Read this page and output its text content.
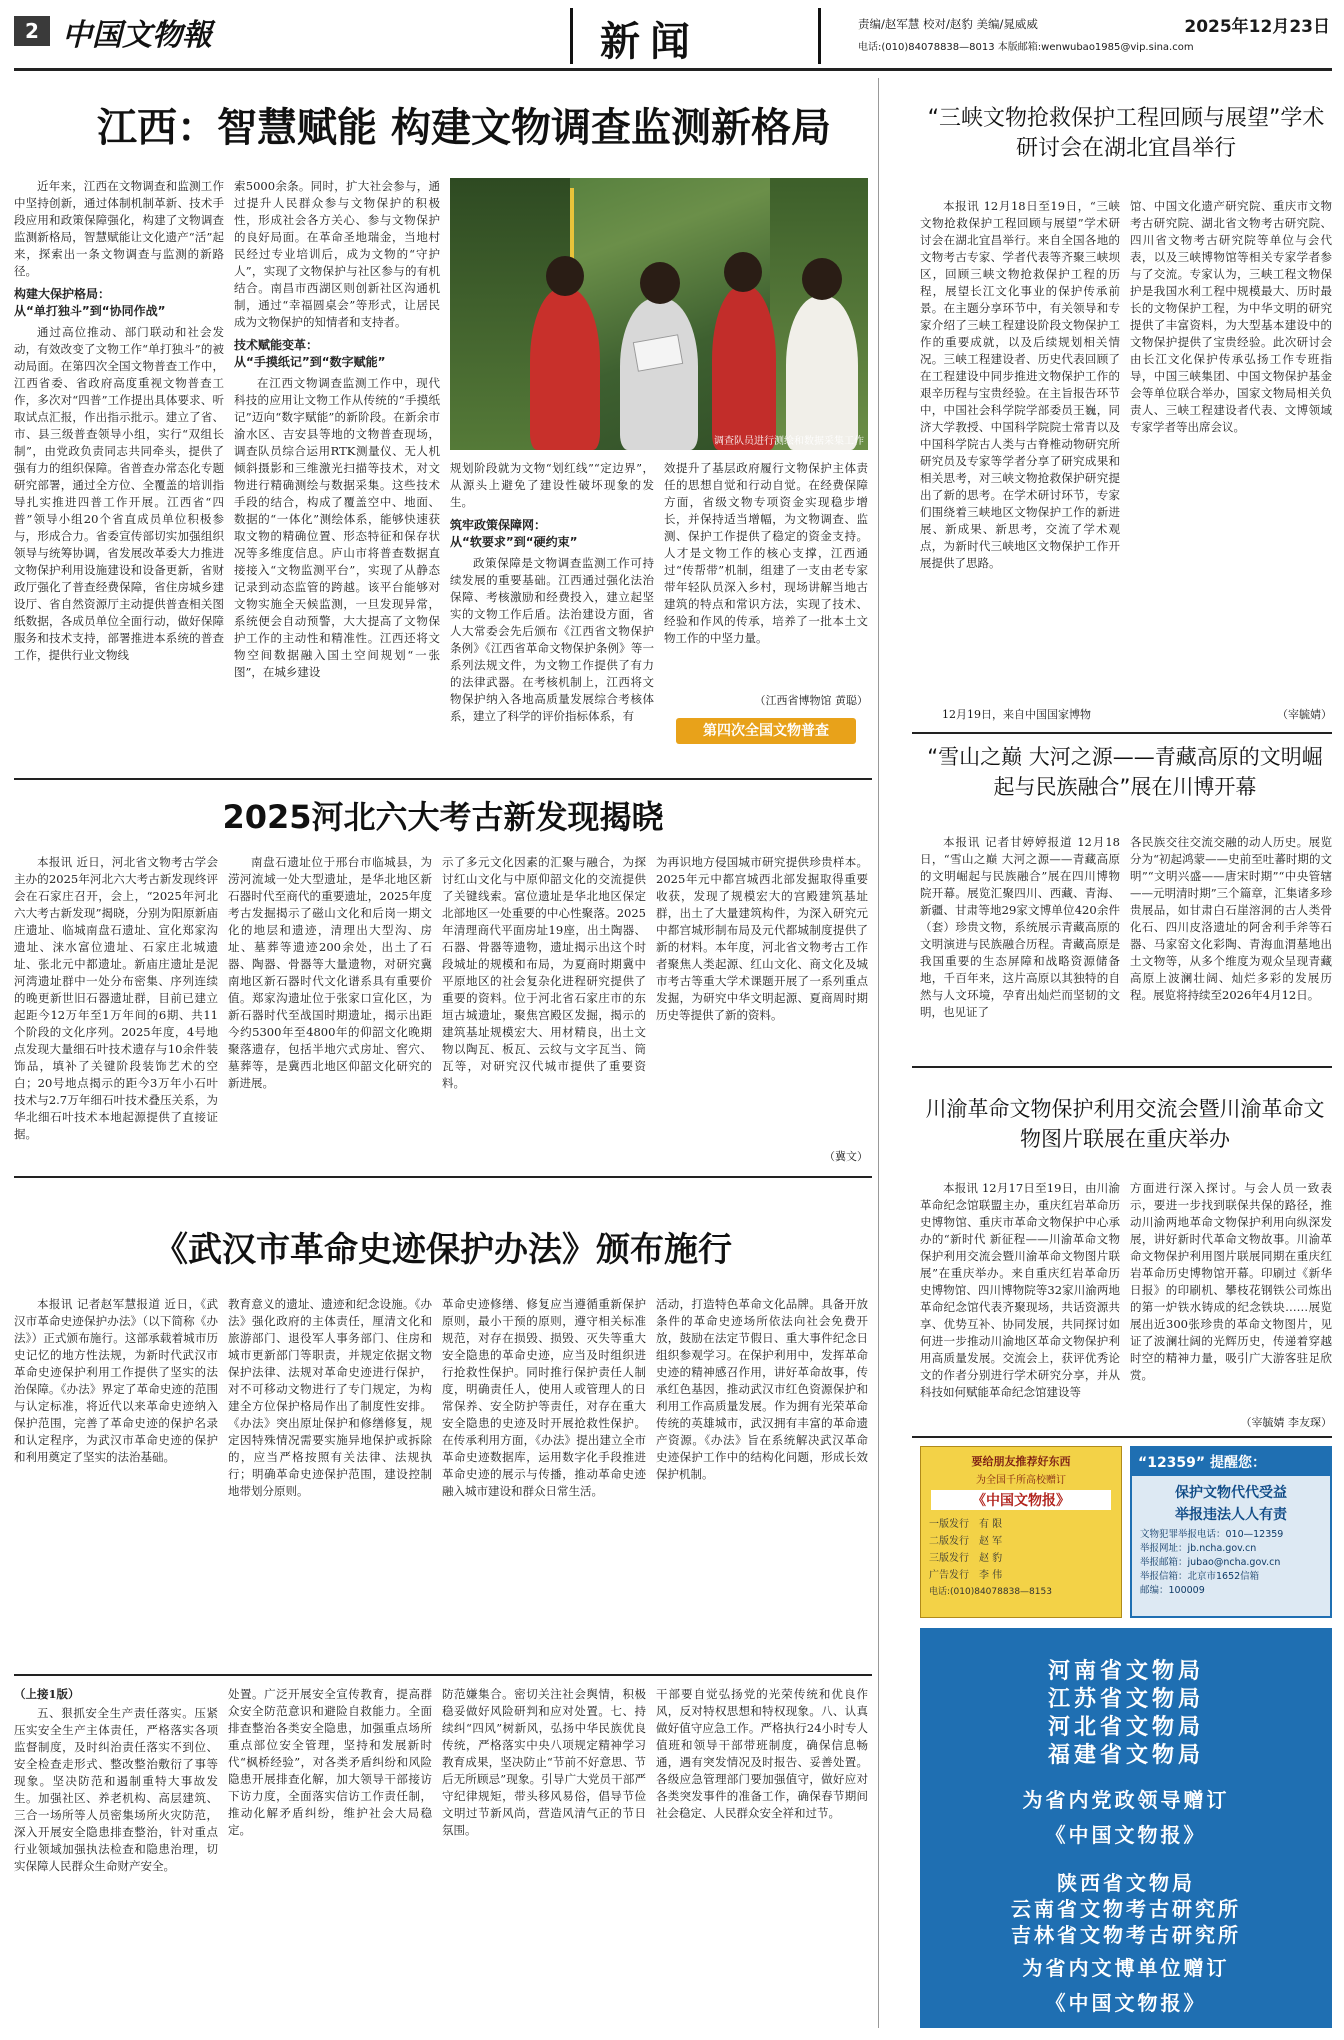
2 中国文物報	新闻	责编/赵军慧 校对/赵豹 美编/晁威威	2025年12月23日
电话:(010)84078838—8013 本版邮箱:wenwubao1985@vip.sina.com
江西：智慧赋能 构建文物调查监测新格局

近年来，江西在文物调查和监测工作中坚持创新，通过体制机制革新、技术手段应用和政策保障强化，构建了文物调查监测新格局，智慧赋能让文化遗产“活”起来，探索出一条文物调查与监测的新路径。

构建大保护格局：
从“单打独斗”到“协同作战”

通过高位推动、部门联动和社会发动，有效改变了文物工作“单打独斗”的被动局面。在第四次全国文物普查工作中，江西省委、省政府高度重视文物普查工作，多次对“四普”工作提出具体要求、听取试点汇报，作出指示批示。建立了省、市、县三级普查领导小组，实行“双组长制”，由党政负责同志共同牵头，提供了强有力的组织保障。省普查办常态化专题研究部署，通过全方位、全覆盖的培训指导扎实推进四普工作开展。江西省“四普”领导小组20个省直成员单位积极参与，形成合力。省委宣传部切实加强组织领导与统筹协调，省发展改革委大力推进文物保护利用设施建设和设备更新，省财政厅强化了普查经费保障，省住房城乡建设厅、省自然资源厅主动提供普查相关图纸数据，各成员单位全面行动，做好保障服务和技术支持，部署推进本系统的普查工作，提供行业文物线

索5000余条。同时，扩大社会参与，通过提升人民群众参与文物保护的积极性，形成社会各方关心、参与文物保护的良好局面。在革命圣地瑞金，当地村民经过专业培训后，成为文物的“守护人”，实现了文物保护与社区参与的有机结合。南昌市西湖区则创新社区沟通机制，通过“幸福圆桌会”等形式，让居民成为文物保护的知情者和支持者。

技术赋能变革：
从“手摸纸记”到“数字赋能”

在江西文物调查监测工作中，现代科技的应用让文物工作从传统的“手摸纸记”迈向“数字赋能”的新阶段。在新余市渝水区、吉安县等地的文物普查现场，调查队员综合运用RTK测量仪、无人机倾斜摄影和三维激光扫描等技术，对文物进行精确测绘与数据采集。这些技术手段的结合，构成了覆盖空中、地面、数据的“一体化”测绘体系，能够快速获取文物的精确位置、形态特征和保存状况等多维度信息。庐山市将普查数据直接接入“文物监测平台”，实现了从静态记录到动态监管的跨越。该平台能够对文物实施全天候监测，一旦发现异常，系统便会自动预警，大大提高了文物保护工作的主动性和精准性。江西还将文物空间数据融入国土空间规划“一张图”，在城乡建设

调查队员进行测绘和数据采集工作

规划阶段就为文物“划红线”“定边界”，从源头上避免了建设性破坏现象的发生。

筑牢政策保障网：
从“软要求”到“硬约束”

政策保障是文物调查监测工作可持续发展的重要基础。江西通过强化法治保障、考核激励和经费投入，建立起坚实的文物工作后盾。法治建设方面，省人大常委会先后颁布《江西省文物保护条例》《江西省革命文物保护条例》等一系列法规文件，为文物工作提供了有力的法律武器。在考核机制上，江西将文物保护纳入各地高质量发展综合考核体系，建立了科学的评价指标体系，有

效提升了基层政府履行文物保护主体责任的思想自觉和行动自觉。在经费保障方面，省级文物专项资金实现稳步增长，并保持适当增幅，为文物调查、监测、保护工作提供了稳定的资金支持。人才是文物工作的核心支撑，江西通过“传帮带”机制，组建了一支由老专家带年轻队员深入乡村，现场讲解当地古建筑的特点和常识方法，实现了技术、经验和作风的传承，培养了一批本土文物工作的中坚力量。

（江西省博物馆 黄聪）
第四次全国文物普查
2025河北六大考古新发现揭晓

本报讯 近日，河北省文物考古学会主办的2025年河北六大考古新发现终评会在石家庄召开，会上，“2025年河北六大考古新发现”揭晓，分别为阳原新庙庄遗址、临城南盘石遗址、宣化郑家沟遗址、涞水富位遗址、石家庄北城遗址、张北元中都遗址。新庙庄遗址是泥河湾遗址群中一处分布密集、序列连续的晚更新世旧石器遗址群，目前已建立起距今12万年至1万年间的6期、共11个阶段的文化序列。2025年度，4号地点发现大量细石叶技术遗存与10余件装饰品，填补了关键阶段装饰艺术的空白；20号地点揭示的距今3万年小石叶技术与2.7万年细石叶技术叠压关系，为华北细石叶技术本地起源提供了直接证据。

南盘石遗址位于邢台市临城县，为涝河流域一处大型遗址，是华北地区新石器时代至商代的重要遗址，2025年度考古发掘揭示了磁山文化和后岗一期文化的地层和遗迹，清理出大型沟、房址、墓葬等遗迹200余处，出土了石器、陶器、骨器等大量遗物，对研究冀南地区新石器时代文化谱系具有重要价值。郑家沟遗址位于张家口宣化区，为新石器时代至战国时期遗址，揭示出距今约5300年至4800年的仰韶文化晚期聚落遗存，包括半地穴式房址、窖穴、墓葬等，是冀西北地区仰韶文化研究的新进展。

示了多元文化因素的汇聚与融合，为探讨红山文化与中原仰韶文化的交流提供了关键线索。富位遗址是华北地区保定北部地区一处重要的中心性聚落。2025年清理商代平面房址19座，出土陶器、石器、骨器等遗物，遗址揭示出这个时段城址的规模和布局，为夏商时期冀中平原地区的社会复杂化进程研究提供了重要的资料。位于河北省石家庄市的东垣古城遗址，聚焦宫殿区发掘，揭示的建筑基址规模宏大、用材精良，出土文物以陶瓦、板瓦、云纹与文字瓦当、筒瓦等，对研究汉代城市提供了重要资料。

为再识地方侵国城市研究提供珍贵样本。2025年元中都宫城西北部发掘取得重要收获，发现了规模宏大的宫殿建筑基址群，出土了大量建筑构件，为深入研究元中都宫城形制布局及元代都城制度提供了新的材料。本年度，河北省文物考古工作者聚焦人类起源、红山文化、商文化及城市考古等重大学术课题开展了一系列重点发掘，为研究中华文明起源、夏商周时期历史等提供了新的资料。

（冀文）
《武汉市革命史迹保护办法》颁布施行

本报讯 记者赵军慧报道 近日，《武汉市革命史迹保护办法》（以下简称《办法》）正式颁布施行。这部承载着城市历史记忆的地方性法规，为新时代武汉市革命史迹保护利用工作提供了坚实的法治保障。《办法》界定了革命史迹的范围与认定标准，将近代以来革命史迹纳入保护范围，完善了革命史迹的保护名录和认定程序，为武汉市革命史迹的保护和利用奠定了坚实的法治基础。

教育意义的遗址、遗迹和纪念设施。《办法》强化政府的主体责任，厘清文化和旅游部门、退役军人事务部门、住房和城市更新部门等职责，并规定依据文物保护法律、法规对革命史迹进行保护，对不可移动文物进行了专门规定，为构建全方位保护格局作出了制度性安排。《办法》突出原址保护和修缮修复，规定因特殊情况需要实施异地保护或拆除的，应当严格按照有关法律、法规执行；明确革命史迹保护范围，建设控制地带划分原则。

革命史迹修缮、修复应当遵循重新保护原则，最小干预的原则，遵守相关标准规范，对存在损毁、损毁、灭失等重大安全隐患的革命史迹，应当及时组织进行抢救性保护。同时推行保护责任人制度，明确责任人，使用人或管理人的日常保养、安全防护等责任，对存在重大安全隐患的史迹及时开展抢救性保护。在传承利用方面，《办法》提出建立全市革命史迹数据库，运用数字化手段推进革命史迹的展示与传播，推动革命史迹融入城市建设和群众日常生活。

活动，打造特色革命文化品牌。具备开放条件的革命史迹场所依法向社会免费开放，鼓励在法定节假日、重大事件纪念日组织参观学习。在保护利用中，发挥革命史迹的精神感召作用，讲好革命故事，传承红色基因，推动武汉市红色资源保护和利用工作高质量发展。作为拥有光荣革命传统的英雄城市，武汉拥有丰富的革命遗产资源。《办法》旨在系统解决武汉革命史迹保护工作中的结构化问题，形成长效保护机制。

（上接1版）

五、狠抓安全生产责任落实。压紧压实安全生产主体责任，严格落实各项监督制度，及时纠治责任落实不到位、安全检查走形式、整改整治敷衍了事等现象。坚决防范和遏制重特大事故发生。加强社区、养老机构、高层建筑、三合一场所等人员密集场所火灾防范，深入开展安全隐患排查整治，针对重点行业领域加强执法检查和隐患治理，切实保障人民群众生命财产安全。

处置。广泛开展安全宣传教育，提高群众安全防范意识和避险自救能力。全面排查整治各类安全隐患，加强重点场所重点部位安全管理，坚持和发展新时代“枫桥经验”，对各类矛盾纠纷和风险隐患开展排查化解，加大领导干部接访下访力度，全面落实信访工作责任制，推动化解矛盾纠纷，维护社会大局稳定。

防范嫌集合。密切关注社会舆情，积极稳妥做好风险研判和应对处置。七、持续纠“四风”树新风，弘扬中华民族优良传统，严格落实中央八项规定精神学习教育成果，坚决防止“节前不好意思、节后无所顾忌”现象。引导广大党员干部严守纪律规矩，带头移风易俗，倡导节俭文明过节新风尚，营造风清气正的节日氛围。

干部要自觉弘扬党的光荣传统和优良作风，反对特权思想和特权现象。八、认真做好值守应急工作。严格执行24小时专人值班和领导干部带班制度，确保信息畅通，遇有突发情况及时报告、妥善处置。各级应急管理部门要加强值守，做好应对各类突发事件的准备工作，确保春节期间社会稳定、人民群众安全祥和过节。

“三峡文物抢救保护工程回顾与展望”学术研讨会在湖北宜昌举行

本报讯 12月18日至19日，“三峡文物抢救保护工程回顾与展望”学术研讨会在湖北宜昌举行。来自全国各地的文物考古专家、学者代表等齐聚三峡坝区，回顾三峡文物抢救保护工程的历程，展望长江文化事业的保护传承前景。在主题分享环节中，有关领导和专家介绍了三峡工程建设阶段文物保护工作的重要成就，以及后续规划相关情况。三峡工程建设者、历史代表回顾了在工程建设中同步推进文物保护工作的艰辛历程与宝贵经验。在主旨报告环节中，中国社会科学院学部委员王巍，同济大学教授、中国科学院院士常青以及中国科学院古人类与古脊椎动物研究所研究员及专家等学者分享了研究成果和相关思考，对三峡文物抢救保护研究提出了新的思考。在学术研讨环节，专家们围绕着三峡地区文物保护工作的新进展、新成果、新思考，交流了学术观点，为新时代三峡地区文物保护工作开展提供了思路。

12月19日，来自中国国家博物

馆、中国文化遗产研究院、重庆市文物考古研究院、湖北省文物考古研究院、四川省文物考古研究院等单位与会代表，以及三峡博物馆等相关专家学者参与了交流。专家认为，三峡工程文物保护是我国水利工程中规模最大、历时最长的文物保护工程，为中华文明的研究提供了丰富资料，为大型基本建设中的文物保护提供了宝贵经验。此次研讨会由长江文化保护传承弘扬工作专班指导，中国三峡集团、中国文物保护基金会等单位联合举办，国家文物局相关负责人、三峡工程建设者代表、文博领域专家学者等出席会议。

（宰毓婧）
“雪山之巅 大河之源——青藏高原的文明崛起与民族融合”展在川博开幕

本报讯 记者甘婷婷报道 12月18日，“雪山之巅 大河之源——青藏高原的文明崛起与民族融合”展在四川博物院开幕。展览汇聚四川、西藏、青海、新疆、甘肃等地29家文博单位420余件（套）珍贵文物，系统展示青藏高原的文明演进与民族融合历程。青藏高原是我国重要的生态屏障和战略资源储备地，千百年来，这片高原以其独特的自然与人文环境，孕育出灿烂而坚韧的文明，也见证了

各民族交往交流交融的动人历史。展览分为“初起鸿蒙——史前至吐蕃时期的文明”“文明兴盛——唐宋时期”“中央管辖——元明清时期”三个篇章，汇集诸多珍贵展品，如甘肃白石崖溶洞的古人类骨化石、四川皮洛遗址的阿舍利手斧等石器、马家窑文化彩陶、青海血渭墓地出土文物等，从多个维度为观众呈现青藏高原上波澜壮阔、灿烂多彩的发展历程。展览将持续至2026年4月12日。

川渝革命文物保护利用交流会暨川渝革命文物图片联展在重庆举办

本报讯 12月17日至19日，由川渝革命纪念馆联盟主办，重庆红岩革命历史博物馆、重庆市革命文物保护中心承办的“新时代 新征程——川渝革命文物保护利用交流会暨川渝革命文物图片联展”在重庆举办。来自重庆红岩革命历史博物馆、四川博物院等32家川渝两地革命纪念馆代表齐聚现场，共话资源共享、优势互补、协同发展，共同探讨如何进一步推动川渝地区革命文物保护利用高质量发展。交流会上，获评优秀论文的作者分别进行学术研究分享，并从科技如何赋能革命纪念馆建设等

方面进行深入探讨。与会人员一致表示，要进一步找到联保共保的路径，推动川渝两地革命文物保护利用向纵深发展，讲好新时代革命文物故事。川渝革命文物保护利用图片联展同期在重庆红岩革命历史博物馆开幕。印刷过《新华日报》的印刷机、攀枝花钢铁公司炼出的第一炉铁水铸成的纪念铁块……展览展出近300张珍贵的革命文物图片，见证了波澜壮阔的光辉历史，传递着穿越时空的精神力量，吸引广大游客驻足欣赏。

（宰毓婧 李友琛）
要给朋友推荐好东西
为全国千所高校赠订
《中国文物报》
一版发行　 有 限
二版发行　 赵 军
三版发行　 赵 豹
广告发行　 李 伟
电话:(010)84078838—8153
“12359” 提醒您：
保护文物代代受益
举报违法人人有责
文物犯罪举报电话：010—12359
举报网址：jb.ncha.gov.cn
举报邮箱：jubao@ncha.gov.cn
举报信箱：北京市1652信箱
邮编：100009
河南省文物局
江苏省文物局
河北省文物局
福建省文物局
为省内党政领导赠订
《中国文物报》
陕西省文物局
云南省文物考古研究所
吉林省文物考古研究所
为省内文博单位赠订
《中国文物报》
